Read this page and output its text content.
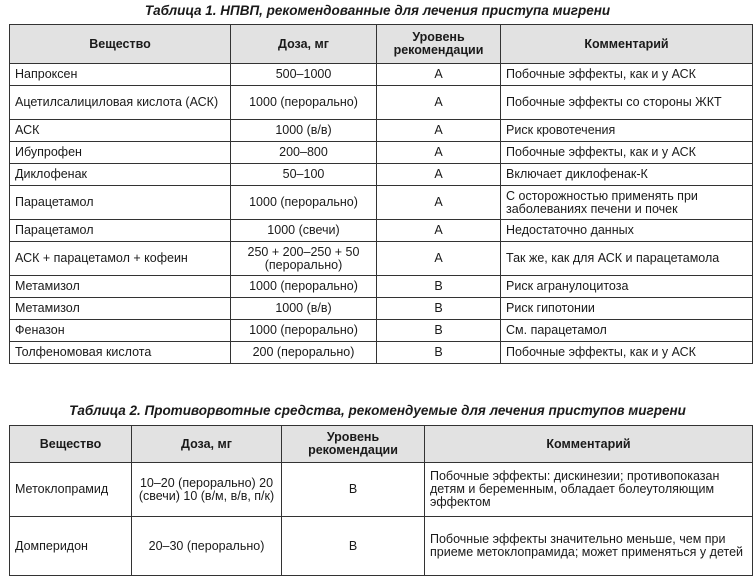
Таблица 1. НПВП, рекомендованные для лечения приступа мигрени
Вещество	Доза, мг	Уровень рекомендации	Комментарий
Напроксен	500–1000	A	Побочные эффекты, как и у АСК
Ацетилсалициловая кислота (АСК)	1000 (перорально)	A	Побочные эффекты со стороны ЖКТ
АСК	1000 (в/в)	A	Риск кровотечения
Ибупрофен	200–800	A	Побочные эффекты, как и у АСК
Диклофенак	50–100	A	Включает диклофенак-К
Парацетамол	1000 (перорально)	A	С осторожностью применять при заболеваниях печени и почек
Парацетамол	1000 (свечи)	A	Недостаточно данных
АСК + парацетамол + кофеин	250 + 200–250 + 50 (перорально)	A	Так же, как для АСК и парацетамола
Метамизол	1000 (перорально)	B	Риск агранулоцитоза
Метамизол	1000 (в/в)	B	Риск гипотонии
Феназон	1000 (перорально)	B	См. парацетамол
Толфеномовая кислота	200 (перорально)	B	Побочные эффекты, как и у АСК
Таблица 2. Противорвотные средства, рекомендуемые для лечения приступов мигрени
Вещество	Доза, мг	Уровень рекомендации	Комментарий
Метоклопрамид	10–20 (перорально) 20 (свечи) 10 (в/м, в/в, п/к)	B	Побочные эффекты: дискинезии; противопоказан детям и беременным, обладает болеутоляющим эффектом
Домперидон	20–30 (перорально)	B	Побочные эффекты значительно меньше, чем при приеме метоклопрамида; может применяться у детей
